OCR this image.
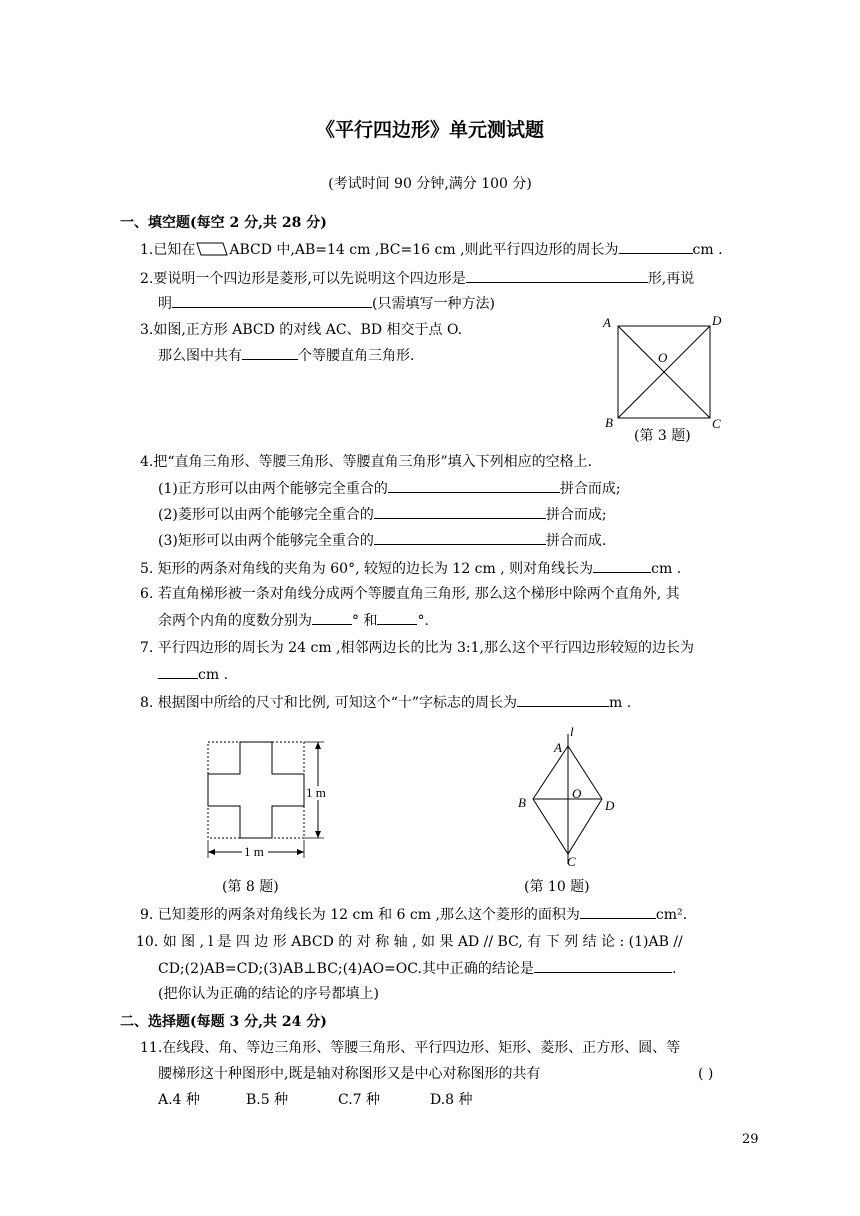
《平行四边形》单元测试题
(考试时间 90 分钟,满分 100 分)
一、填空题(每空 2 分,共 28 分)
1.已知在 ABCD 中,AB=14 cm ,BC=16 cm ,则此平行四边形的周长为	cm .
2.要说明一个四边形是菱形,可以先说明这个四边形是	形,再说
明	(只需填写一种方法)
3.如图,正方形 ABCD 的对线 AC、BD 相交于点 O.
那么图中共有	个等腰直角三角形.
A	D
O
B	C
(第 3 题)
4.把“直角三角形、等腰三角形、等腰直角三角形”填入下列相应的空格上.
(1)正方形可以由两个能够完全重合的	拼合而成;
(2)菱形可以由两个能够完全重合的	拼合而成;
(3)矩形可以由两个能够完全重合的	拼合而成.
5. 矩形的两条对角线的夹角为 60°, 较短的边长为 12 cm , 则对角线长为	cm .
6. 若直角梯形被一条对角线分成两个等腰直角三角形, 那么这个梯形中除两个直角外, 其
余两个内角的度数分别为	° 和	°.
7. 平行四边形的周长为 24 cm ,相邻两边长的比为 3:1,那么这个平行四边形较短的边长为
cm .
8. 根据图中所给的尺寸和比例, 可知这个“十”字标志的周长为	m .
1 m
1 m
(第 8 题)
l
A
O
B	D
C
(第 10 题)
9. 已知菱形的两条对角线长为 12 cm 和 6 cm ,那么这个菱形的面积为	cm².
10. 如 图 , l 是 四 边 形 ABCD 的 对 称 轴 , 如 果 AD // BC, 有 下 列 结 论 : (1)AB //
CD;(2)AB=CD;(3)AB⊥BC;(4)AO=OC.其中正确的结论是	.
(把你认为正确的结论的序号都填上)
二、选择题(每题 3 分,共 24 分)
11.在线段、角、等边三角形、等腰三角形、平行四边形、矩形、菱形、正方形、圆、等
腰梯形这十种图形中,既是轴对称图形又是中心对称图形的共有	( )
A.4 种	B.5 种	C.7 种	D.8 种
29
